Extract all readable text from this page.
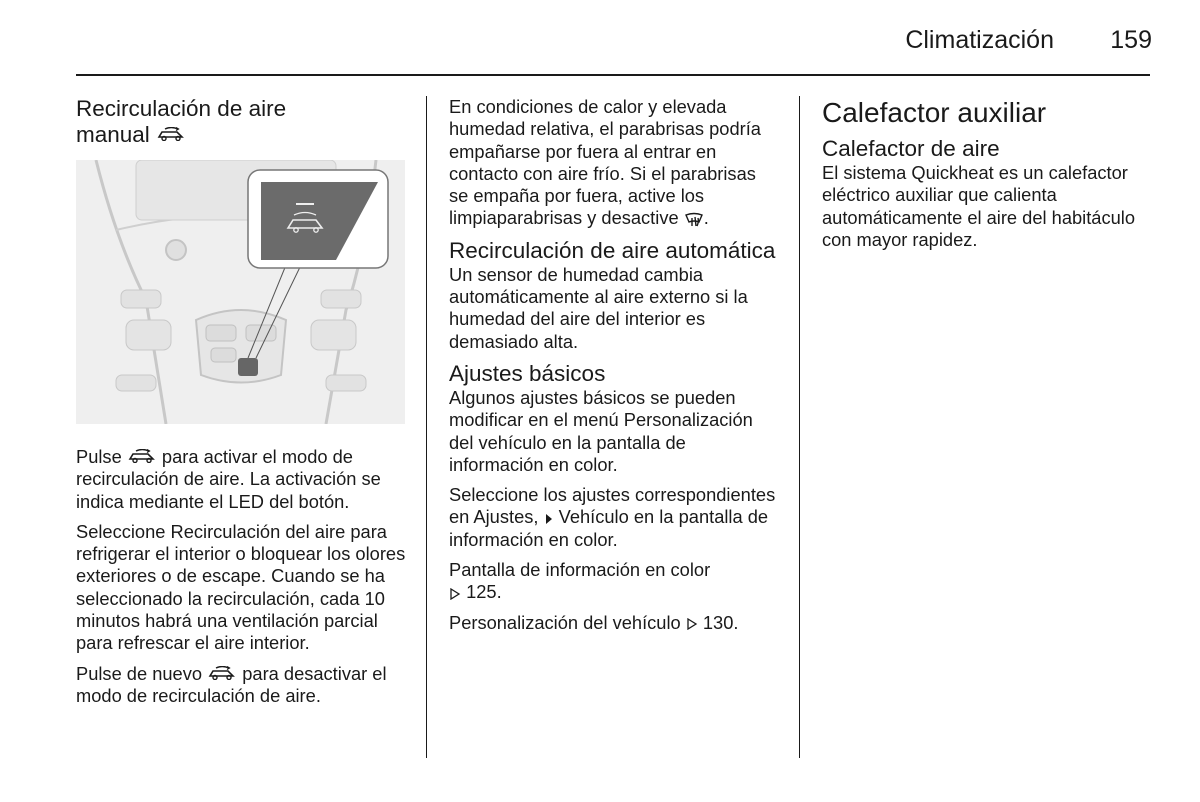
Climatización 159
Recirculación de aire
manual

Pulse para activar el modo de recirculación de aire. La activación se indica mediante el LED del botón.

Seleccione Recirculación del aire para refrigerar el interior o bloquear los olores exteriores o de escape. Cuando se ha seleccionado la recirculación, cada 10 minutos habrá una ventilación parcial para refrescar el aire interior.

Pulse de nuevo para desactivar el modo de recirculación de aire.

En condiciones de calor y elevada humedad relativa, el parabrisas podría empañarse por fuera al entrar en contacto con aire frío. Si el parabrisas se empaña por fuera, active los limpiaparabrisas y desactive .

Recirculación de aire automática

Un sensor de humedad cambia automáticamente al aire externo si la humedad del aire del interior es demasiado alta.

Ajustes básicos

Algunos ajustes básicos se pueden modificar en el menú Personalización del vehículo en la pantalla de información en color.

Seleccione los ajustes correspondientes en Ajustes, Vehículo en la pantalla de información en color.

Pantalla de información en color
125.

Personalización del vehículo 130.

Calefactor auxiliar
Calefactor de aire

El sistema Quickheat es un calefactor eléctrico auxiliar que calienta automáticamente el aire del habitáculo con mayor rapidez.
